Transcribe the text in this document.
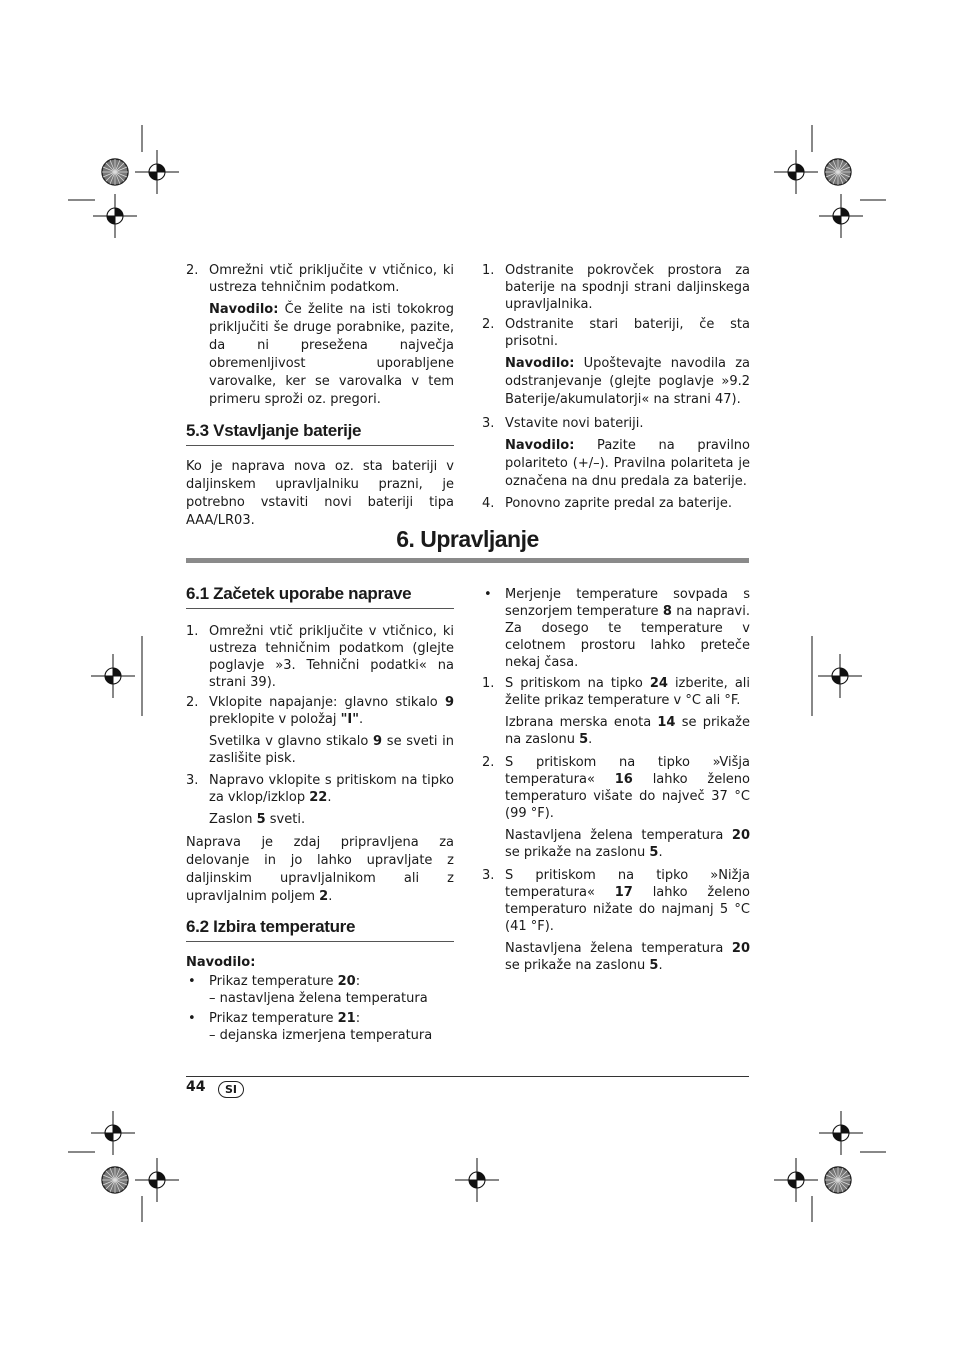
2. Omrežni vtič priključite v vtičnico, ki ustreza tehničnim podatkom.
Navodilo: Če želite na isti tokokrog priključiti še druge porabnike, pazite, da ni presežena največja obremenljivost uporabljene varovalke, ker se varovalka v tem primeru sproži oz. pregori.
5.3 Vstavljanje baterije

Ko je naprava nova oz. sta bateriji v daljinskem upravljalniku prazni, je potrebno vstaviti novi bateriji tipa AAA/LR03.

1. Odstranite pokrovček prostora za baterije na spodnji strani daljinskega upravljalnika.
2. Odstranite stari bateriji, če sta prisotni.
Navodilo: Upoštevajte navodila za odstranjevanje (glejte poglavje »9.2 Baterije/akumulatorji« na strani 47).
3. Vstavite novi bateriji.
Navodilo: Pazite na pravilno polariteto (+/–). Pravilna polariteta je označena na dnu predala za baterije.
4. Ponovno zaprite predal za baterije.
6. Upravljanje
6.1 Začetek uporabe naprave
1. Omrežni vtič priključite v vtičnico, ki ustreza tehničnim podatkom (glejte poglavje »3. Tehnični podatki« na strani 39).
2. Vklopite napajanje: glavno stikalo 9 preklopite v položaj "I".
Svetilka v glavno stikalo 9 se sveti in zaslišite pisk.
3. Napravo vklopite s pritiskom na tipko za vklop/izklop 22.
Zaslon 5 sveti.

Naprava je zdaj pripravljena za delovanje in jo lahko upravljate z daljinskim upravljalnikom ali z upravljalnim poljem 2.

6.2 Izbira temperature

Navodilo:

• Prikaz temperature 20:
– nastavljena želena temperatura
• Prikaz temperature 21:
– dejanska izmerjena temperatura
• Merjenje temperature sovpada s senzorjem temperature 8 na napravi. Za dosego te temperature v celotnem prostoru lahko preteče nekaj časa.
1. S pritiskom na tipko 24 izberite, ali želite prikaz temperature v °C ali °F.
Izbrana merska enota 14 se prikaže na zaslonu 5.
2. S pritiskom na tipko »Višja temperatura« 16 lahko želeno temperaturo višate do največ 37 °C (99 °F).
Nastavljena želena temperatura 20 se prikaže na zaslonu 5.
3. S pritiskom na tipko »Nižja temperatura« 17 lahko želeno temperaturo nižate do najmanj 5 °C (41 °F).
Nastavljena želena temperatura 20 se prikaže na zaslonu 5.
44	SI
